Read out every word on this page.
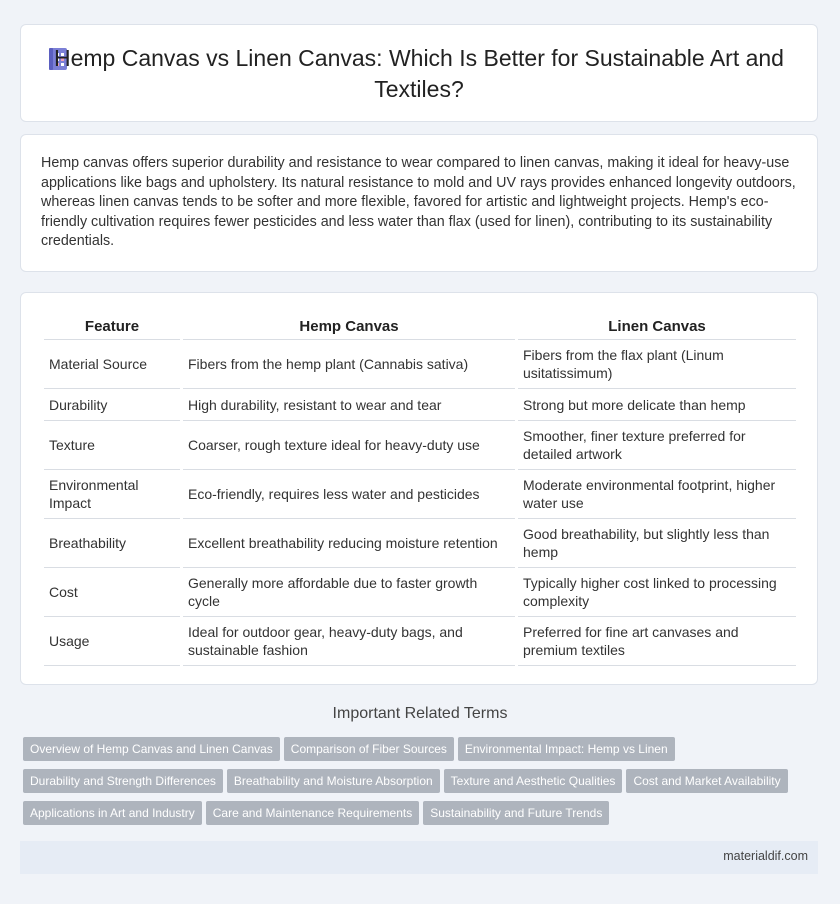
Hemp Canvas vs Linen Canvas: Which Is Better for Sustainable Art and Textiles?

Hemp canvas offers superior durability and resistance to wear compared to linen canvas, making it ideal for heavy-use applications like bags and upholstery. Its natural resistance to mold and UV rays provides enhanced longevity outdoors, whereas linen canvas tends to be softer and more flexible, favored for artistic and lightweight projects. Hemp's eco-friendly cultivation requires fewer pesticides and less water than flax (used for linen), contributing to its sustainability credentials.

Feature	Hemp Canvas	Linen Canvas
Material Source	Fibers from the hemp plant (Cannabis sativa)	Fibers from the flax plant (Linum usitatissimum)
Durability	High durability, resistant to wear and tear	Strong but more delicate than hemp
Texture	Coarser, rough texture ideal for heavy-duty use	Smoother, finer texture preferred for detailed artwork
Environmental Impact	Eco-friendly, requires less water and pesticides	Moderate environmental footprint, higher water use
Breathability	Excellent breathability reducing moisture retention	Good breathability, but slightly less than hemp
Cost	Generally more affordable due to faster growth cycle	Typically higher cost linked to processing complexity
Usage	Ideal for outdoor gear, heavy-duty bags, and sustainable fashion	Preferred for fine art canvases and premium textiles
Important Related Terms
Overview of Hemp Canvas and Linen Canvas Comparison of Fiber Sources Environmental Impact: Hemp vs Linen
Durability and Strength Differences Breathability and Moisture Absorption Texture and Aesthetic Qualities Cost and Market Availability
Applications in Art and Industry Care and Maintenance Requirements Sustainability and Future Trends
materialdif.com
